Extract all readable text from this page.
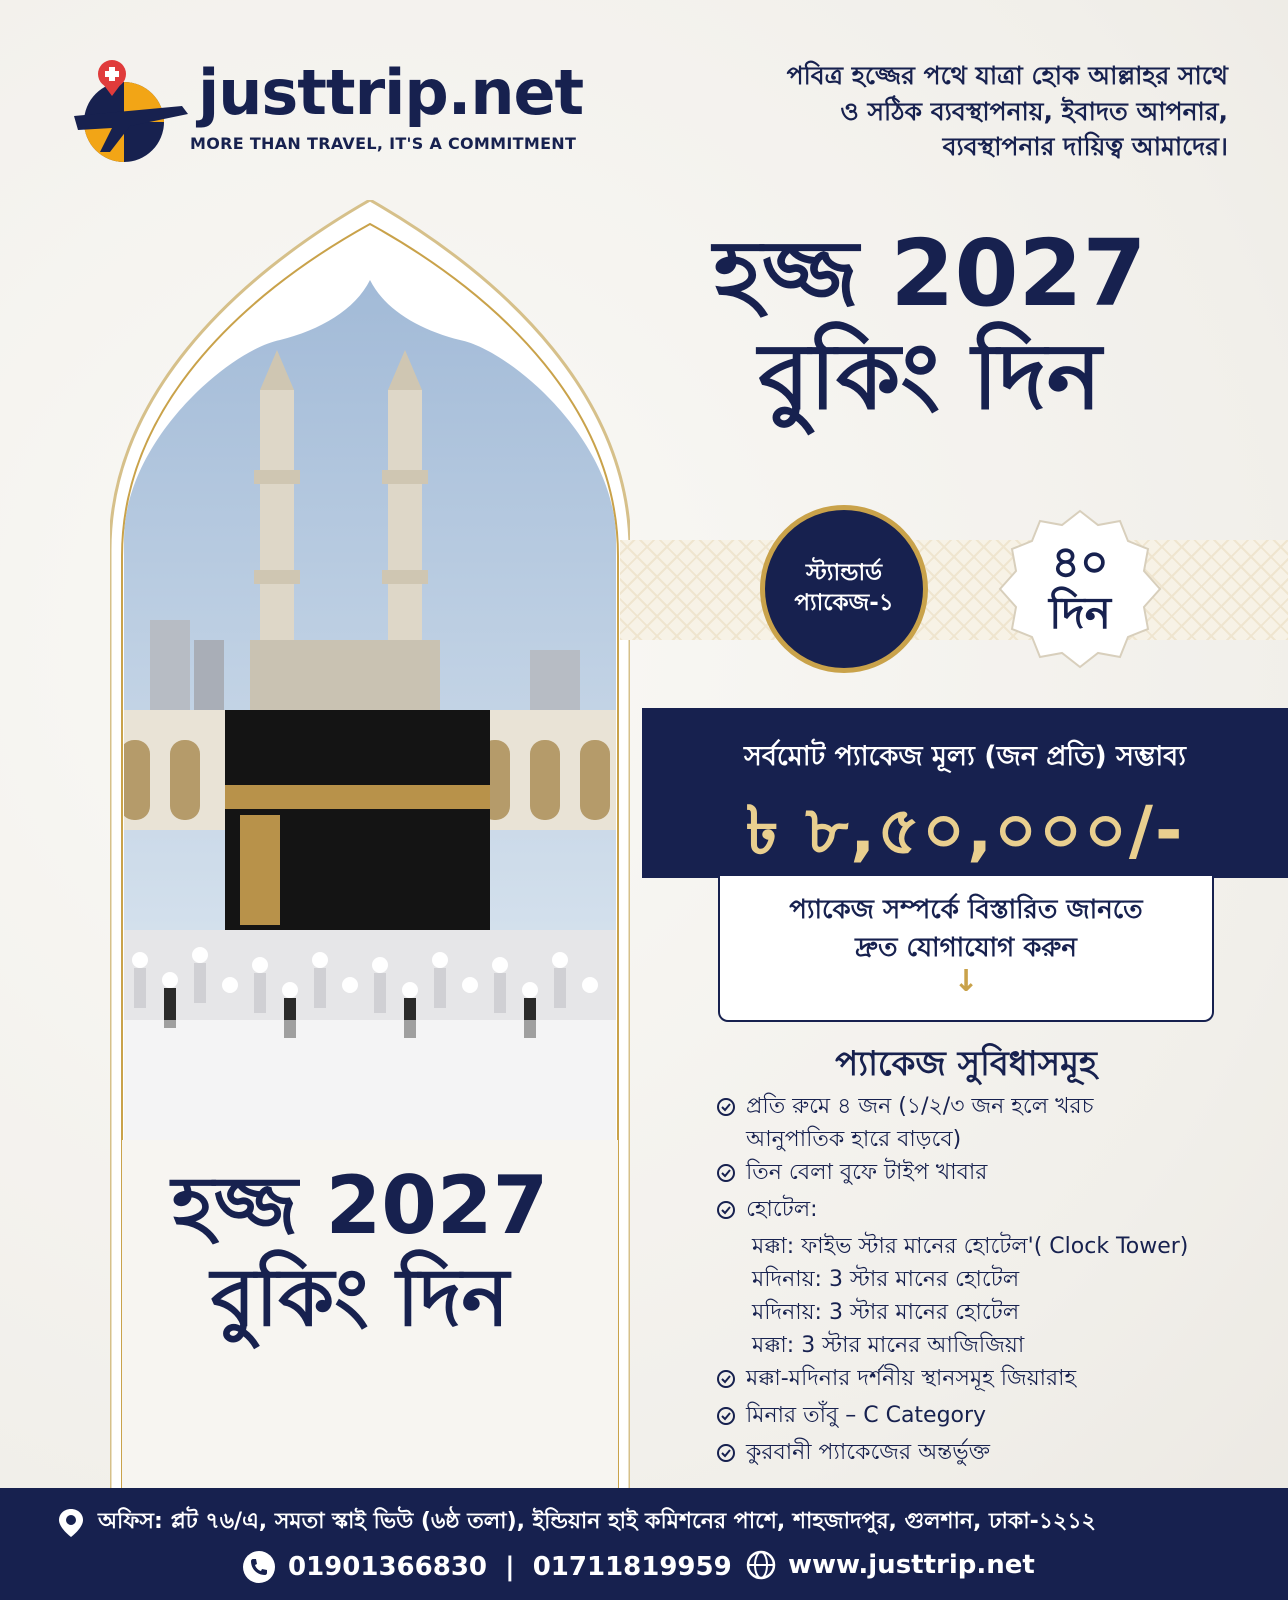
justtrip.net
MORE THAN TRAVEL, IT'S A COMMITMENT
পবিত্র হজ্জের পথে যাত্রা হোক আল্লাহর সাথে
ও সঠিক ব্যবস্থাপনায়, ইবাদত আপনার,
ব্যবস্থাপনার দায়িত্ব আমাদের।
হজ্জ 2027
বুকিং দিন
হজ্জ 2027
বুকিং দিন
স্ট্যান্ডার্ড
প্যাকেজ-১
৪০
দিন
সর্বমোট প্যাকেজ মূল্য (জন প্রতি) সম্ভাব্য
৳ ৮,৫০,০০০/-
প্যাকেজ সম্পর্কে বিস্তারিত জানতে
দ্রুত যোগাযোগ করুন
↓
প্যাকেজ সুবিধাসমূহ
প্রতি রুমে ৪ জন (১/২/৩ জন হলে খরচ
আনুপাতিক হারে বাড়বে)
তিন বেলা বুফে টাইপ খাবার
হোটেল:
মক্কা: ফাইভ স্টার মানের হোটেল'( Clock Tower)
মদিনায়: 3 স্টার মানের হোটেল
মদিনায়: 3 স্টার মানের হোটেল
মক্কা: 3 স্টার মানের আজিজিয়া
মক্কা-মদিনার দর্শনীয় স্থানসমূহ জিয়ারাহ
মিনার তাঁবু – C Category
কুরবানী প্যাকেজের অন্তর্ভুক্ত
অফিস: প্লট ৭৬/এ, সমতা স্কাই ভিউ (৬ষ্ঠ তলা), ইন্ডিয়ান হাই কমিশনের পাশে, শাহজাদপুর, গুলশান, ঢাকা-১২১২
01901366830  |  01711819959 www.justtrip.net
